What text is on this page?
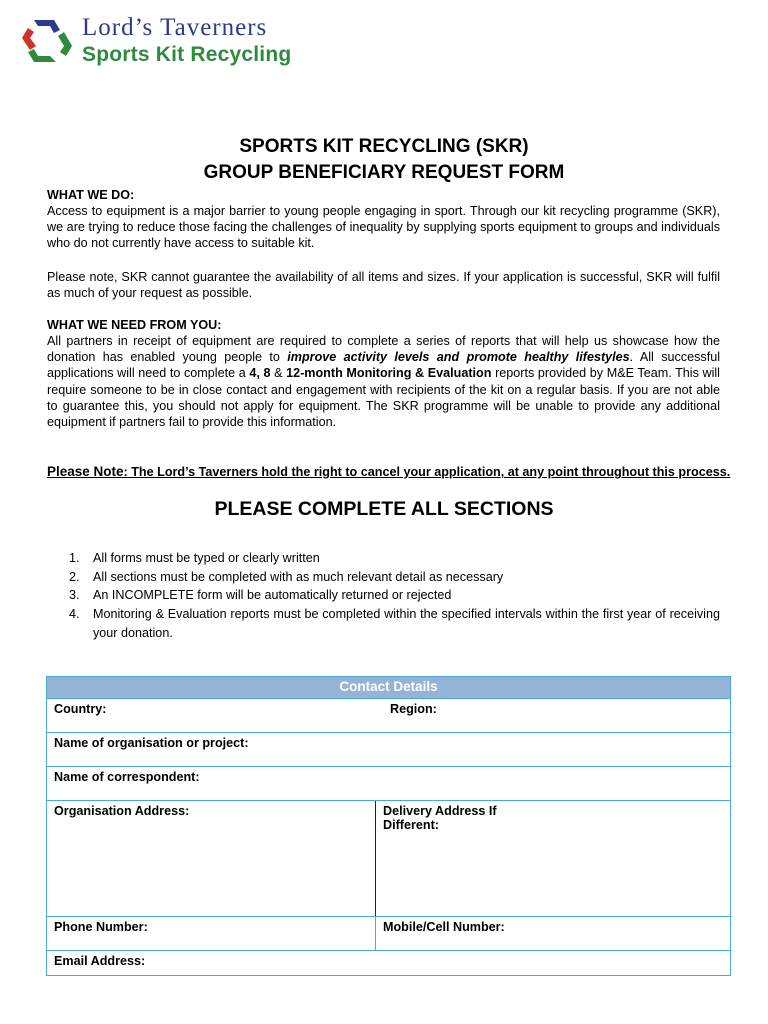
Lord’s Taverners
Sports Kit Recycling
SPORTS KIT RECYCLING (SKR)
GROUP BENEFICIARY REQUEST FORM
WHAT WE DO:

Access to equipment is a major barrier to young people engaging in sport. Through our kit recycling programme (SKR), we are trying to reduce those facing the challenges of inequality by supplying sports equipment to groups and individuals who do not currently have access to suitable kit.

Please note, SKR cannot guarantee the availability of all items and sizes. If your application is successful, SKR will fulfil as much of your request as possible.

WHAT WE NEED FROM YOU:

All partners in receipt of equipment are required to complete a series of reports that will help us showcase how the donation has enabled young people to improve activity levels and promote healthy lifestyles. All successful applications will need to complete a 4, 8 & 12-month Monitoring & Evaluation reports provided by M&E Team. This will require someone to be in close contact and engagement with recipients of the kit on a regular basis. If you are not able to guarantee this, you should not apply for equipment. The SKR programme will be unable to provide any additional equipment if partners fail to provide this information.

Please Note: The Lord’s Taverners hold the right to cancel your application, at any point throughout this process.
PLEASE COMPLETE ALL SECTIONS
1. All forms must be typed or clearly written
2. All sections must be completed with as much relevant detail as necessary
3. An INCOMPLETE form will be automatically returned or rejected
4. Monitoring & Evaluation reports must be completed within the specified intervals within the first year of receiving your donation.
Contact Details	

Country: Region:	

Name of organisation or project:	
Name of correspondent:	
Organisation Address:	Delivery Address If Different:
Phone Number:	Mobile/Cell Number:
Email Address:	
